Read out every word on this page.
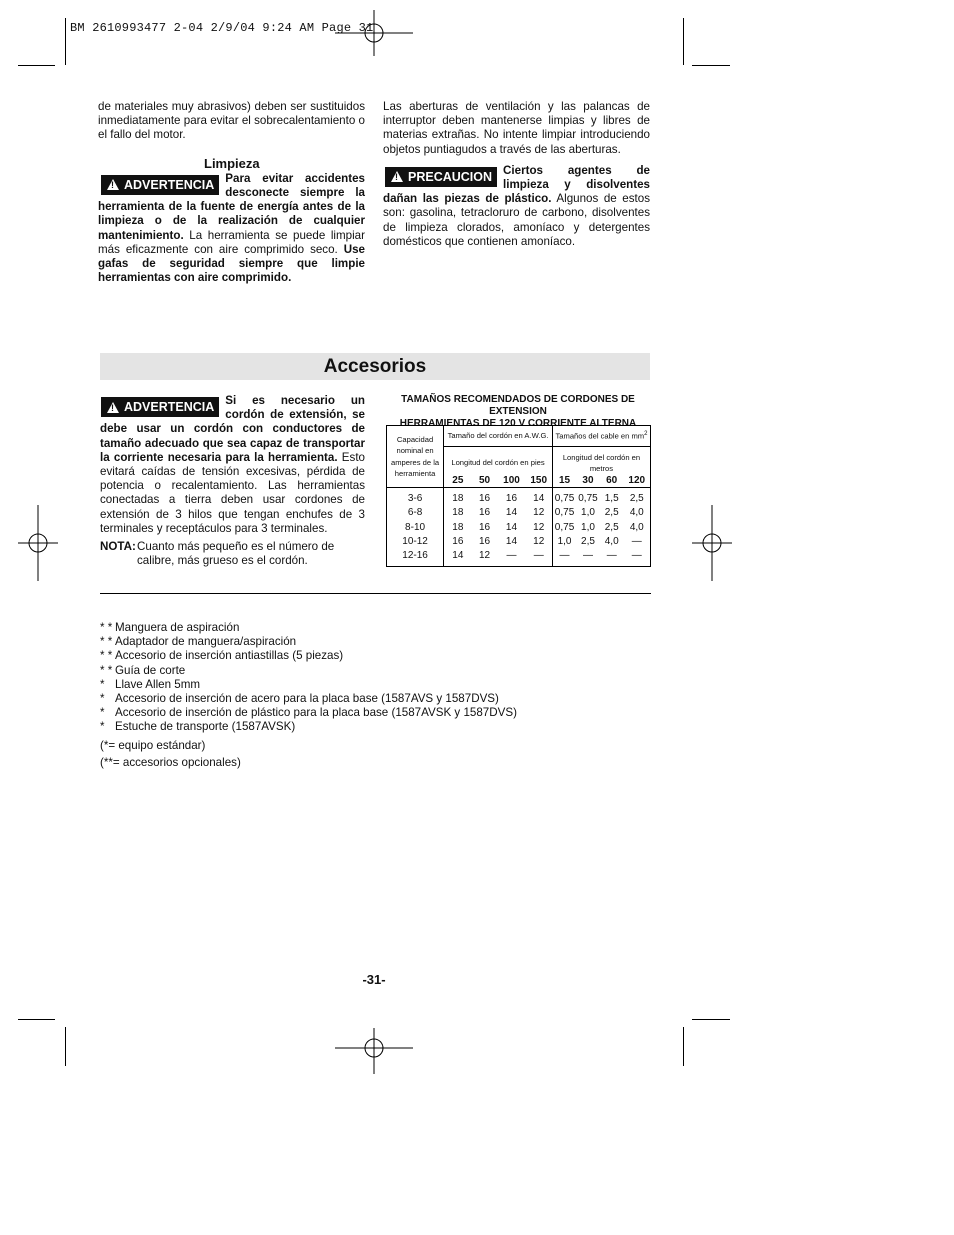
BM 2610993477 2-04 2/9/04 9:24 AM Page 31

de materiales muy abrasivos) deben ser sustituidos inmediatamente para evitar el sobrecalentamiento o el fallo del motor.

Limpieza
!
ADVERTENCIA Para evitar accidentes desconecte siempre la herramienta de la fuente de energía antes de la limpieza o de la realización de cualquier mantenimiento. La herramienta se puede limpiar más eficazmente con aire comprimido seco. Use gafas de seguridad siempre que limpie herramientas con aire comprimido.

Las aberturas de ventilación y las palancas de interruptor deben mantenerse limpias y libres de materias extrañas. No intente limpiar introduciendo objetos puntiagudos a través de las aberturas.

!
PRECAUCION Ciertos agentes de limpieza y disolventes dañan las piezas de plástico. Algunos de estos son: gasolina, tetracloruro de carbono, disolventes de limpieza clorados, amoníaco y detergentes domésticos que contienen amoníaco.
Accesorios
!
ADVERTENCIA Si es necesario un cordón de extensión, se debe usar un cordón con conductores de tamaño adecuado que sea capaz de transportar la corriente necesaria para la herramienta. Esto evitará caídas de tensión excesivas, pérdida de potencia o recalentamiento. Las herramientas conectadas a tierra deben usar cordones de extensión de 3 hilos que tengan enchufes de 3 terminales y receptáculos para 3 terminales.
NOTA: Cuanto más pequeño es el número de calibre, más grueso es el cordón.
TAMAÑOS RECOMENDADOS DE CORDONES DE EXTENSION
HERRAMIENTAS DE 120 V CORRIENTE ALTERNA
Capacidad nominal en amperes de la herramienta	Tamaño del cordón en A.W.G.				Tamaños del cable en $mm^2$
	Longitud del cordón en pies				Longitud del cordón en metros			
	25	50	100	150	15	30	60	120
3-6	18	16	16	14	0,75	0,75	1,5	2,5
6-8	18	16	14	12	0,75	1,0	2,5	4,0
8-10	18	16	14	12	0,75	1,0	2,5	4,0
10-12	16	16	14	12	1,0	2,5	4,0	—
12-16	14	12	—	—	—	—	—	—
* * Manguera de aspiración
* * Adaptador de manguera/aspiración
* * Accesorio de inserción antiastillas (5 piezas)
* * Guía de corte
* Llave Allen 5mm
* Accesorio de inserción de acero para la placa base (1587AVS y 1587DVS)
* Accesorio de inserción de plástico para la placa base (1587AVSK y 1587DVS)
* Estuche de transporte (1587AVSK)
(*= equipo estándar)
(**= accesorios opcionales)
-31-
